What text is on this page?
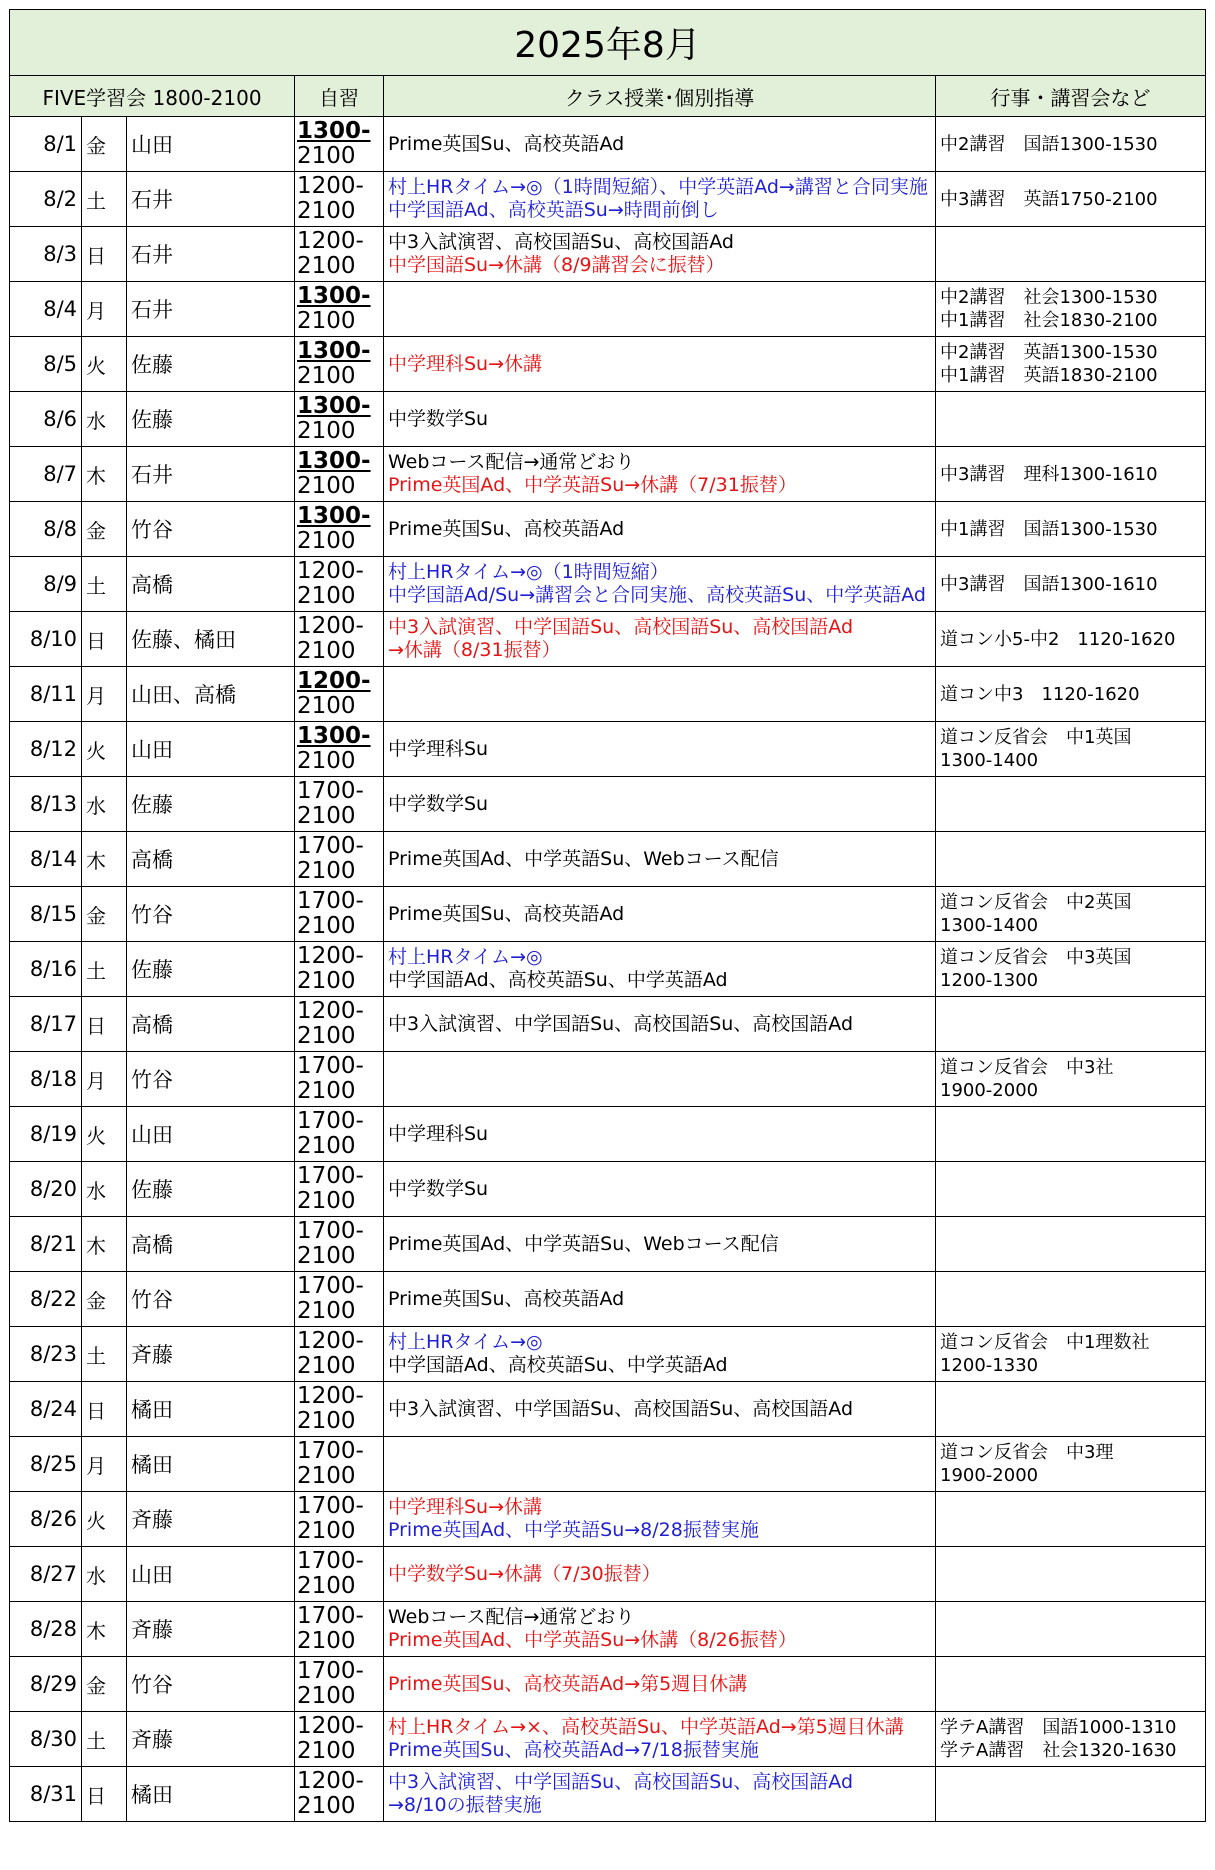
2025年8月					
FIVE学習会 1800-2100			自習	クラス授業･個別指導	行事・講習会など
8/1	金	山田	1300-
2100	Prime英国Su、高校英語Ad	中2講習　国語1300-1530

8/2	土	石井	1200-
2100	村上HRタイム→◎（1時間短縮）、中学英語Ad→講習と合同実施
中学国語Ad、高校英語Su→時間前倒し	中3講習　英語1750-2100

8/3	日	石井	1200-
2100	中3入試演習、高校国語Su、高校国語Ad
中学国語Su→休講（8/9講習会に振替）	

8/4	月	石井	1300-
2100		中2講習　社会1300-1530
中1講習　社会1830-2100

8/5	火	佐藤	1300-
2100	中学理科Su→休講	中2講習　英語1300-1530
中1講習　英語1830-2100

8/6	水	佐藤	1300-
2100	中学数学Su	

8/7	木	石井	1300-
2100	Webコース配信→通常どおり
Prime英国Ad、中学英語Su→休講（7/31振替）	中3講習　理科1300-1610

8/8	金	竹谷	1300-
2100	Prime英国Su、高校英語Ad	中1講習　国語1300-1530

8/9	土	高橋	1200-
2100	村上HRタイム→◎（1時間短縮）
中学国語Ad/Su→講習会と合同実施、高校英語Su、中学英語Ad	中3講習　国語1300-1610

8/10	日	佐藤、橘田	1200-
2100	中3入試演習、中学国語Su、高校国語Su、高校国語Ad
→休講（8/31振替）	道コン小5-中2　1120-1620

8/11	月	山田、高橋	1200-
2100		道コン中3　1120-1620

8/12	火	山田	1300-
2100	中学理科Su	道コン反省会　中1英国
1300-1400

8/13	水	佐藤	1700-
2100	中学数学Su	

8/14	木	高橋	1700-
2100	Prime英国Ad、中学英語Su、Webコース配信	

8/15	金	竹谷	1700-
2100	Prime英国Su、高校英語Ad	道コン反省会　中2英国
1300-1400

8/16	土	佐藤	1200-
2100	村上HRタイム→◎
中学国語Ad、高校英語Su、中学英語Ad	道コン反省会　中3英国
1200-1300

8/17	日	高橋	1200-
2100	中3入試演習、中学国語Su、高校国語Su、高校国語Ad	

8/18	月	竹谷	1700-
2100		道コン反省会　中3社
1900-2000

8/19	火	山田	1700-
2100	中学理科Su	

8/20	水	佐藤	1700-
2100	中学数学Su	

8/21	木	高橋	1700-
2100	Prime英国Ad、中学英語Su、Webコース配信	

8/22	金	竹谷	1700-
2100	Prime英国Su、高校英語Ad	

8/23	土	斉藤	1200-
2100	村上HRタイム→◎
中学国語Ad、高校英語Su、中学英語Ad	道コン反省会　中1理数社
1200-1330

8/24	日	橘田	1200-
2100	中3入試演習、中学国語Su、高校国語Su、高校国語Ad	

8/25	月	橘田	1700-
2100		道コン反省会　中3理
1900-2000

8/26	火	斉藤	1700-
2100	中学理科Su→休講
Prime英国Ad、中学英語Su→8/28振替実施	

8/27	水	山田	1700-
2100	中学数学Su→休講（7/30振替）	

8/28	木	斉藤	1700-
2100	Webコース配信→通常どおり
Prime英国Ad、中学英語Su→休講（8/26振替）	

8/29	金	竹谷	1700-
2100	Prime英国Su、高校英語Ad→第5週目休講	

8/30	土	斉藤	1200-
2100	村上HRタイム→×、高校英語Su、中学英語Ad→第5週目休講
Prime英国Su、高校英語Ad→7/18振替実施	学テA講習　国語1000-1310
学テA講習　社会1320-1630

8/31	日	橘田	1200-
2100	中3入試演習、中学国語Su、高校国語Su、高校国語Ad
→8/10の振替実施	
